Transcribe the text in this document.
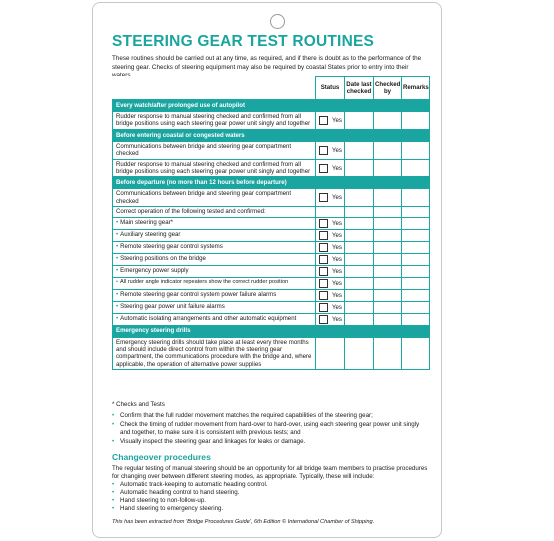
STEERING GEAR TEST ROUTINES
These routines should be carried out at any time, as required, and if there is doubt as to the performance of the steering gear. Checks of steering equipment may also be required by coastal States prior to entry into their
	Status	Date last checked	Checked by	Remarks
Every watch/after prolonged use of autopilot				
Rudder response to manual steering checked and confirmed from all bridge positions using each steering gear power unit singly and together	Yes			
Before entering coastal or congested waters				
Communications between bridge and steering gear compartment checked	Yes			
Rudder response to manual steering checked and confirmed from all bridge positions using each steering gear power unit singly and together	Yes			
Before departure (no more than 12 hours before departure)				
Communications between bridge and steering gear compartment checked	Yes			
Correct operation of the following tested and confirmed:				
• Main steering gear*	Yes			
• Auxiliary steering gear	Yes			
• Remote steering gear control systems	Yes			
• Steering positions on the bridge	Yes			
• Emergency power supply	Yes			
• All rudder angle indicator repeaters show the correct rudder position	Yes			
• Remote steering gear control system power failure alarms	Yes			
• Steering gear power unit failure alarms	Yes			
• Automatic isolating arrangements and other automatic equipment	Yes			
Emergency steering drills				
Emergency steering drills should take place at least every three months and should include direct control from within the steering gear compartment, the communications procedure with the bridge and, where applicable, the operation of alternative power supplies				
* Checks and Tests
• Confirm that the full rudder movement matches the required capabilities of the steering gear;
• Check the timing of rudder movement from hard-over to hard-over, using each steering gear power unit singly and together, to make sure it is consistent with previous tests; and
• Visually inspect the steering gear and linkages for leaks or damage.
Changeover procedures
The regular testing of manual steering should be an opportunity for all bridge team members to practise procedures for changing over between different steering modes, as appropriate. Typically, these will include:
• Automatic track-keeping to automatic heading control.
• Automatic heading control to hand steering.
• Hand steering to non-follow-up.
• Hand steering to emergency steering.
This has been extracted from 'Bridge Procedures Guide', 6th Edition © International Chamber of Shipping.
